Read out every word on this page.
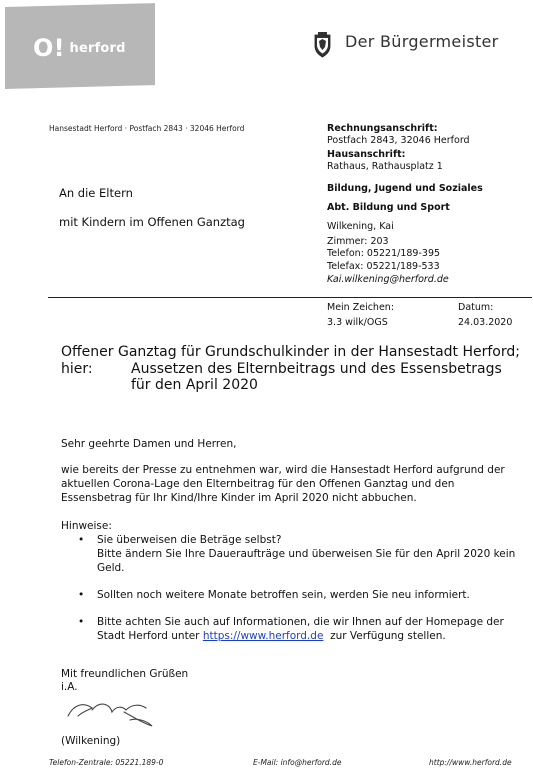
O! herford	Der Bürgermeister
Hansestadt Herford · Postfach 2843 · 32046 Herford
An die Eltern
mit Kindern im Offenen Ganztag
Rechnungsanschrift:
Postfach 2843, 32046 Herford
Hausanschrift:
Rathaus, Rathausplatz 1
Bildung, Jugend und Soziales
Abt. Bildung und Sport
Wilkening, Kai
Zimmer: 203
Telefon: 05221/189-395
Telefax: 05221/189-533
Kai.wilkening@herford.de
Mein Zeichen:
3.3 wilk/OGS
Datum:
24.03.2020
Offener Ganztag für Grundschulkinder in der Hansestadt Herford;
hier:	Aussetzen des Elternbeitrags und des Essensbetrags für den April 2020
Sehr geehrte Damen und Herren,
wie bereits der Presse zu entnehmen war, wird die Hansestadt Herford aufgrund der aktuellen Corona-Lage den Elternbeitrag für den Offenen Ganztag und den Essensbetrag für Ihr Kind/Ihre Kinder im April 2020 nicht abbuchen.
Hinweise:
• Sie überweisen die Beträge selbst?
Bitte ändern Sie Ihre Daueraufträge und überweisen Sie für den April 2020 kein Geld.
• Sollten noch weitere Monate betroffen sein, werden Sie neu informiert.
• Bitte achten Sie auch auf Informationen, die wir Ihnen auf der Homepage der Stadt Herford unter https://www.herford.de  zur Verfügung stellen.
Mit freundlichen Grüßen
i.A.
(Wilkening)
Telefon-Zentrale: 05221.189-0	E-Mail: info@herford.de	http://www.herford.de
